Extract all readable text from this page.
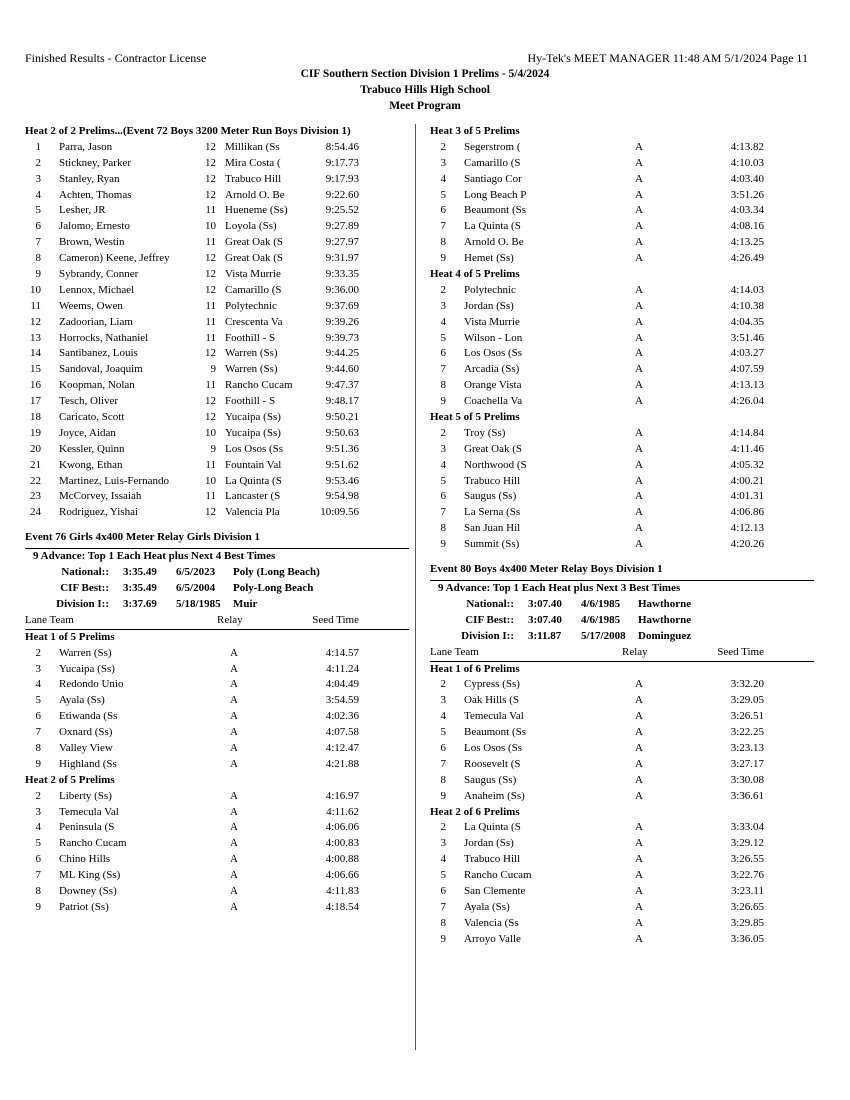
Finished Results - Contractor License	Hy-Tek's MEET MANAGER 11:48 AM 5/1/2024 Page 11
CIF Southern Section Division 1 Prelims - 5/4/2024
Trabuco Hills High School
Meet Program
Heat 2 of 2 Prelims...(Event 72 Boys 3200 Meter Run Boys Division 1)
1 Parra, Jason	12 Millikan (Ss	8:54.46
2 Stickney, Parker	12 Mira Costa (	9:17.73
3 Stanley, Ryan	12 Trabuco Hill	9:17.93
4 Achten, Thomas	12 Arnold O. Be	9:22.60
5 Lesher, JR	11 Hueneme (Ss)	9:25.52
6 Jalomo, Ernesto	10 Loyola (Ss)	9:27.89
7 Brown, Westin	11 Great Oak (S	9:27.97
8 Cameron) Keene, Jeffrey	12 Great Oak (S	9:31.97
9 Sybrandy, Conner	12 Vista Murrie	9:33.35
10 Lennox, Michael	12 Camarillo (S	9:36.00
11 Weems, Owen	11 Polytechnic	9:37.69
12 Zadoorian, Liam	11 Crescenta Va	9:39.26
13 Horrocks, Nathaniel	11 Foothill - S	9:39.73
14 Santibanez, Louis	12 Warren (Ss)	9:44.25
15 Sandoval, Joaquim	9 Warren (Ss)	9:44.60
16 Koopman, Nolan	11 Rancho Cucam	9:47.37
17 Tesch, Oliver	12 Foothill - S	9:48.17
18 Caricato, Scott	12 Yucaipa (Ss)	9:50.21
19 Joyce, Aidan	10 Yucaipa (Ss)	9:50.63
20 Kessler, Quinn	9 Los Osos (Ss	9:51.36
21 Kwong, Ethan	11 Fountain Val	9:51.62
22 Martinez, Luis-Fernando	10 La Quinta (S	9:53.46
23 McCorvey, Issaiah	11 Lancaster (S	9:54.98
24 Rodriguez, Yishai	12 Valencia Pla	10:09.56
Event 76 Girls 4x400 Meter Relay Girls Division 1
9 Advance: Top 1 Each Heat plus Next 4 Best Times
National:: 3:35.49 6/5/2023 Poly (Long Beach)
CIF Best:: 3:35.49 6/5/2004 Poly-Long Beach
Division I:: 3:37.69 5/18/1985 Muir
Lane Team	Relay	Seed Time
Heat 1 of 5 Prelims
2 Warren (Ss)	A	4:14.57
3 Yucaipa (Ss)	A	4:11.24
4 Redondo Unio	A	4:04.49
5 Ayala (Ss)	A	3:54.59
6 Etiwanda (Ss	A	4:02.36
7 Oxnard (Ss)	A	4:07.58
8 Valley View	A	4:12.47
9 Highland (Ss	A	4:21.88
Heat 2 of 5 Prelims
2 Liberty (Ss)	A	4:16.97
3 Temecula Val	A	4:11.62
4 Peninsula (S	A	4:06.06
5 Rancho Cucam	A	4:00.83
6 Chino Hills	A	4:00.88
7 ML King (Ss)	A	4:06.66
8 Downey (Ss)	A	4:11.83
9 Patriot (Ss)	A	4:18.54
Heat 3 of 5 Prelims
2 Segerstrom (	A	4:13.82
3 Camarillo (S	A	4:10.03
4 Santiago Cor	A	4:03.40
5 Long Beach P	A	3:51.26
6 Beaumont (Ss	A	4:03.34
7 La Quinta (S	A	4:08.16
8 Arnold O. Be	A	4:13.25
9 Hemet (Ss)	A	4:26.49
Heat 4 of 5 Prelims
2 Polytechnic	A	4:14.03
3 Jordan (Ss)	A	4:10.38
4 Vista Murrie	A	4:04.35
5 Wilson - Lon	A	3:51.46
6 Los Osos (Ss	A	4:03.27
7 Arcadia (Ss)	A	4:07.59
8 Orange Vista	A	4:13.13
9 Coachella Va	A	4:26.04
Heat 5 of 5 Prelims
2 Troy (Ss)	A	4:14.84
3 Great Oak (S	A	4:11.46
4 Northwood (S	A	4:05.32
5 Trabuco Hill	A	4:00.21
6 Saugus (Ss)	A	4:01.31
7 La Serna (Ss	A	4:06.86
8 San Juan Hil	A	4:12.13
9 Summit (Ss)	A	4:20.26
Event 80 Boys 4x400 Meter Relay Boys Division 1
9 Advance: Top 1 Each Heat plus Next 3 Best Times
National:: 3:07.40 4/6/1985 Hawthorne
CIF Best:: 3:07.40 4/6/1985 Hawthorne
Division I:: 3:11.87 5/17/2008 Dominguez
Lane Team	Relay	Seed Time
Heat 1 of 6 Prelims
2 Cypress (Ss)	A	3:32.20
3 Oak Hills (S	A	3:29.05
4 Temecula Val	A	3:26.51
5 Beaumont (Ss	A	3:22.25
6 Los Osos (Ss	A	3:23.13
7 Roosevelt (S	A	3:27.17
8 Saugus (Ss)	A	3:30.08
9 Anaheim (Ss)	A	3:36.61
Heat 2 of 6 Prelims
2 La Quinta (S	A	3:33.04
3 Jordan (Ss)	A	3:29.12
4 Trabuco Hill	A	3:26.55
5 Rancho Cucam	A	3:22.76
6 San Clemente	A	3:23.11
7 Ayala (Ss)	A	3:26.65
8 Valencia (Ss	A	3:29.85
9 Arroyo Valle	A	3:36.05
